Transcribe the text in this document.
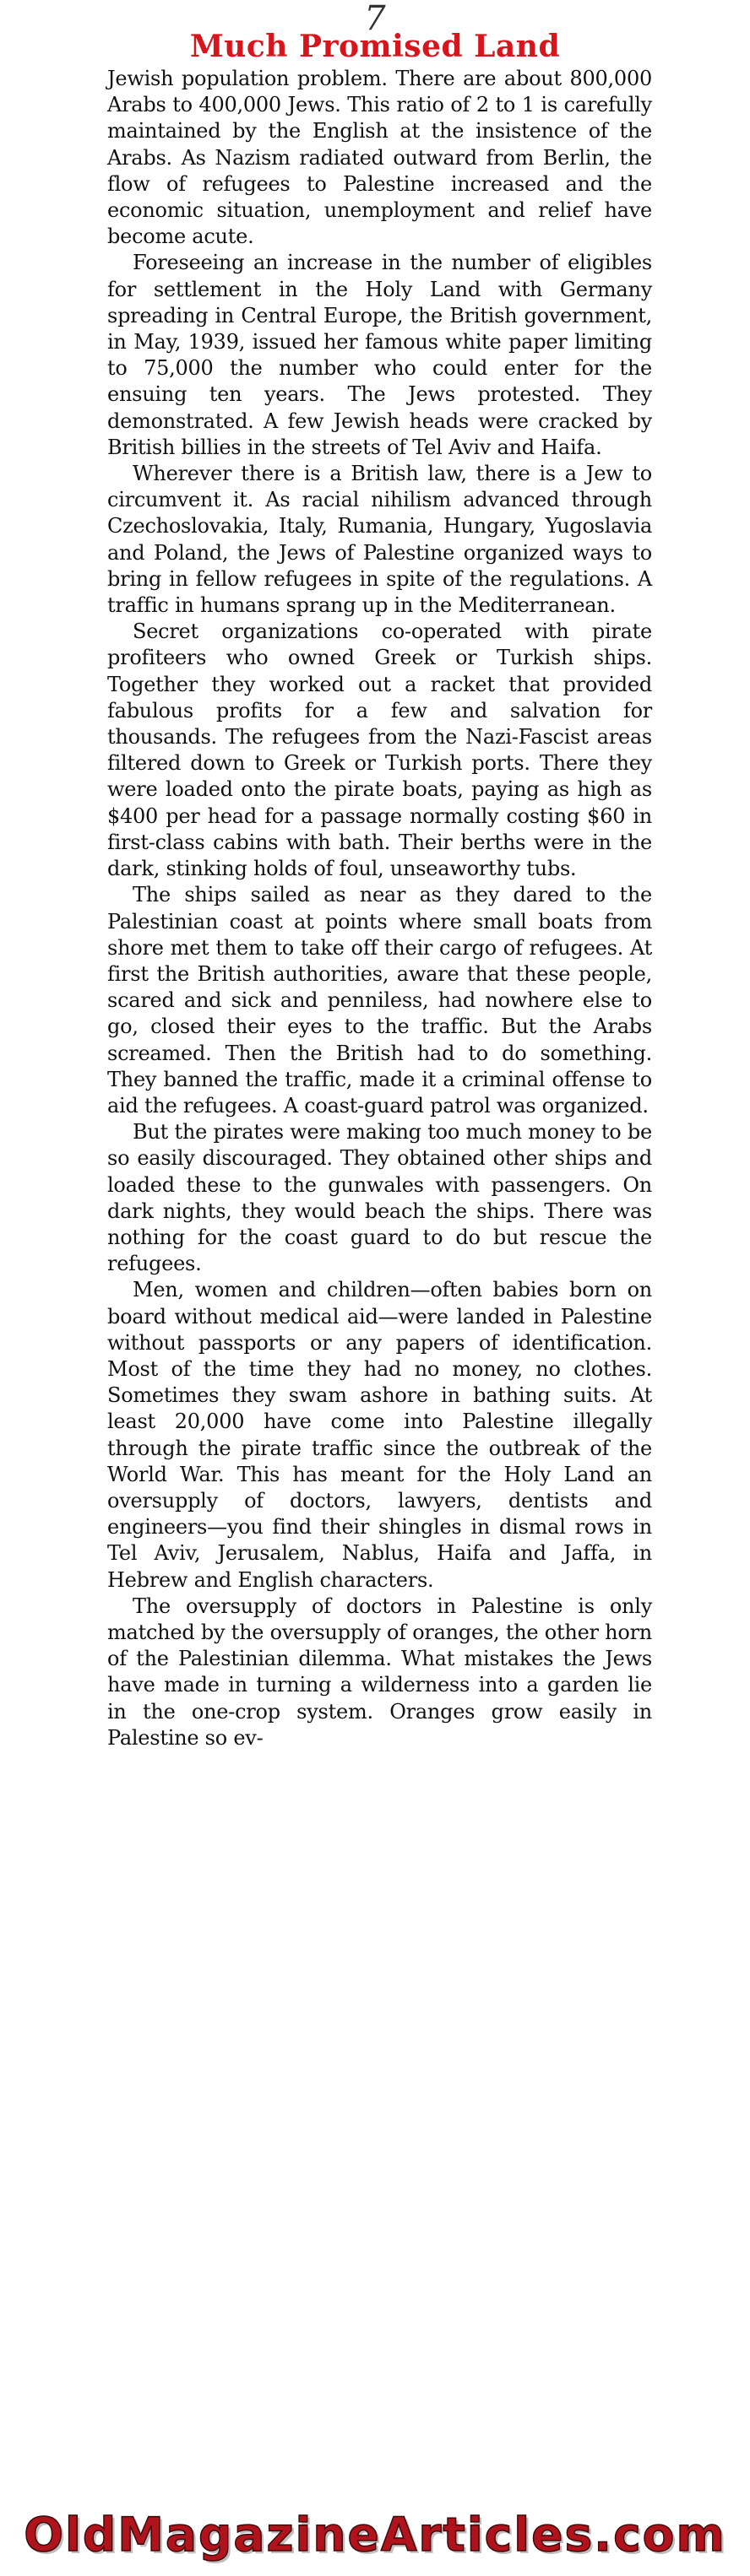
7
Much Promised Land

Jewish population problem. There are about 800,000 Arabs to 400,000 Jews. This ratio of 2 to 1 is carefully maintained by the English at the insistence of the Arabs. As Nazism radiated outward from Berlin, the flow of refugees to Palestine increased and the economic situation, unemployment and relief have become acute.

Foreseeing an increase in the number of eligibles for settlement in the Holy Land with Germany spreading in Central Europe, the British government, in May, 1939, issued her famous white paper limiting to 75,000 the number who could enter for the ensuing ten years. The Jews protested. They demonstrated. A few Jewish heads were cracked by British billies in the streets of Tel Aviv and Haifa.

Wherever there is a British law, there is a Jew to circumvent it. As racial nihilism advanced through Czechoslovakia, Italy, Rumania, Hungary, Yugoslavia and Poland, the Jews of Palestine organized ways to bring in fellow refugees in spite of the regulations. A traffic in humans sprang up in the Mediterranean.

Secret organizations co-operated with pirate profiteers who owned Greek or Turkish ships. Together they worked out a racket that provided fabulous profits for a few and salvation for thousands. The refugees from the Nazi-Fascist areas filtered down to Greek or Turkish ports. There they were loaded onto the pirate boats, paying as high as $400 per head for a passage normally costing $60 in first-class cabins with bath. Their berths were in the dark, stinking holds of foul, unseaworthy tubs.

The ships sailed as near as they dared to the Palestinian coast at points where small boats from shore met them to take off their cargo of refugees. At first the British authorities, aware that these people, scared and sick and penniless, had nowhere else to go, closed their eyes to the traffic. But the Arabs screamed. Then the British had to do something. They banned the traffic, made it a criminal offense to aid the refugees. A coast-guard patrol was organized.

But the pirates were making too much money to be so easily discouraged. They obtained other ships and loaded these to the gunwales with passengers. On dark nights, they would beach the ships. There was nothing for the coast guard to do but rescue the refugees.

Men, women and children—often babies born on board without medical aid—were landed in Palestine without passports or any papers of identification. Most of the time they had no money, no clothes. Sometimes they swam ashore in bathing suits. At least 20,000 have come into Palestine illegally through the pirate traffic since the outbreak of the World War. This has meant for the Holy Land an oversupply of doctors, lawyers, dentists and engineers—you find their shingles in dismal rows in Tel Aviv, Jerusalem, Nablus, Haifa and Jaffa, in Hebrew and English characters.

The oversupply of doctors in Palestine is only matched by the oversupply of oranges, the other horn of the Palestinian dilemma. What mistakes the Jews have made in turning a wilderness into a garden lie in the one-crop system. Oranges grow easily in Palestine so ev-

OldMagazineArticles.com
